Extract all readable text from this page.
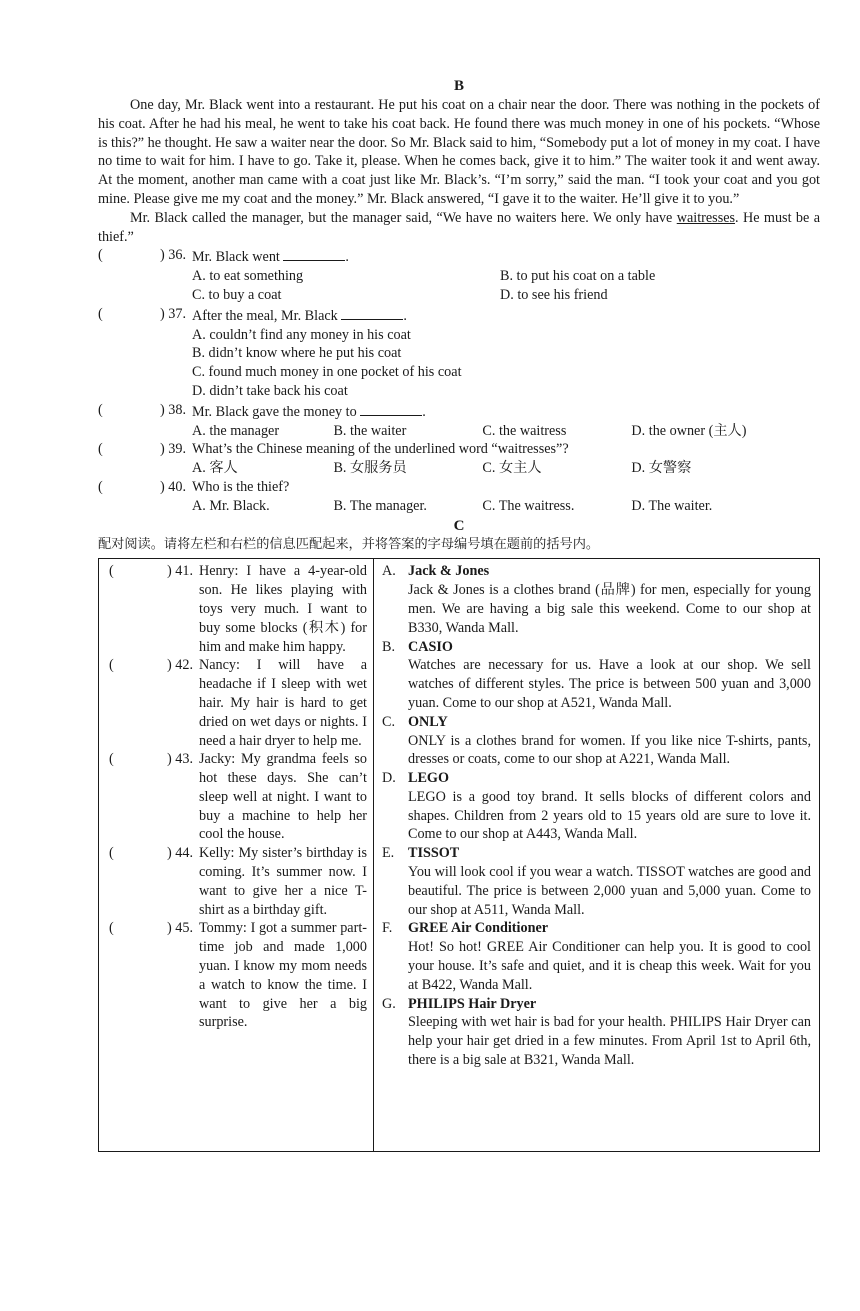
B

One day, Mr. Black went into a restaurant. He put his coat on a chair near the door. There was nothing in the pockets of his coat. After he had his meal, he went to take his coat back. He found there was much money in one of his pockets. “Whose is this?” he thought. He saw a waiter near the door. So Mr. Black said to him, “Somebody put a lot of money in my coat. I have no time to wait for him. I have to go. Take it, please. When he comes back, give it to him.” The waiter took it and went away. At the moment, another man came with a coat just like Mr. Black’s. “I’m sorry,” said the man. “I took your coat and you got mine. Please give me my coat and the money.” Mr. Black answered, “I gave it to the waiter. He’ll give it to you.”

Mr. Black called the manager, but the manager said, “We have no waiters here. We only have waitresses. He must be a thief.”

(	) 36. Mr. Black went	.
A. to eat something	B. to put his coat on a table
C. to buy a coat	D. to see his friend
(	) 37. After the meal, Mr. Black	.
A. couldn’t find any money in his coat
B. didn’t know where he put his coat
C. found much money in one pocket of his coat
D. didn’t take back his coat
(	) 38. Mr. Black gave the money to	.
A. the manager	B. the waiter	C. the waitress	D. the owner (主人)
(	) 39. What’s the Chinese meaning of the underlined word “waitresses”?
A. 客人	B. 女服务员	C. 女主人	D. 女警察
(	) 40. Who is the thief?
A. Mr. Black.	B. The manager.	C. The waitress.	D. The waiter.
C

配对阅读。请将左栏和右栏的信息匹配起来，并将答案的字母编号填在题前的括号内。

(	) 41. Henry: I have a 4-year-old son. He likes playing with toys very much. I want to buy some blocks (积木) for him and make him happy.
(	) 42. Nancy: I will have a headache if I sleep with wet hair. My hair is hard to get dried on wet days or nights. I need a hair dryer to help me.
(	) 43. Jacky: My grandma feels so hot these days. She can’t sleep well at night. I want to buy a machine to help her cool the house.
(	) 44. Kelly: My sister’s birthday is coming. It’s summer now. I want to give her a nice T-shirt as a birthday gift.
(	) 45. Tommy: I got a summer part-time job and made 1,000 yuan. I know my mom needs a watch to know the time. I want to give her a big surprise.
A. Jack & Jones

Jack & Jones is a clothes brand (品牌) for men, especially for young men. We are having a big sale this weekend. Come to our shop at B330, Wanda Mall.

B. CASIO

Watches are necessary for us. Have a look at our shop. We sell watches of different styles. The price is between 500 yuan and 3,000 yuan. Come to our shop at A521, Wanda Mall.

C. ONLY

ONLY is a clothes brand for women. If you like nice T-shirts, pants, dresses or coats, come to our shop at A221, Wanda Mall.

D. LEGO

LEGO is a good toy brand. It sells blocks of different colors and shapes. Children from 2 years old to 15 years old are sure to love it. Come to our shop at A443, Wanda Mall.

E. TISSOT

You will look cool if you wear a watch. TISSOT watches are good and beautiful. The price is between 2,000 yuan and 5,000 yuan. Come to our shop at A511, Wanda Mall.

F.	GREE Air Conditioner

Hot! So hot! GREE Air Conditioner can help you. It is good to cool your house. It’s safe and quiet, and it is cheap this week. Wait for you at B422, Wanda Mall.

G. PHILIPS Hair Dryer

Sleeping with wet hair is bad for your health. PHILIPS Hair Dryer can help your hair get dried in a few minutes. From April 1st to April 6th, there is a big sale at B321, Wanda Mall.
